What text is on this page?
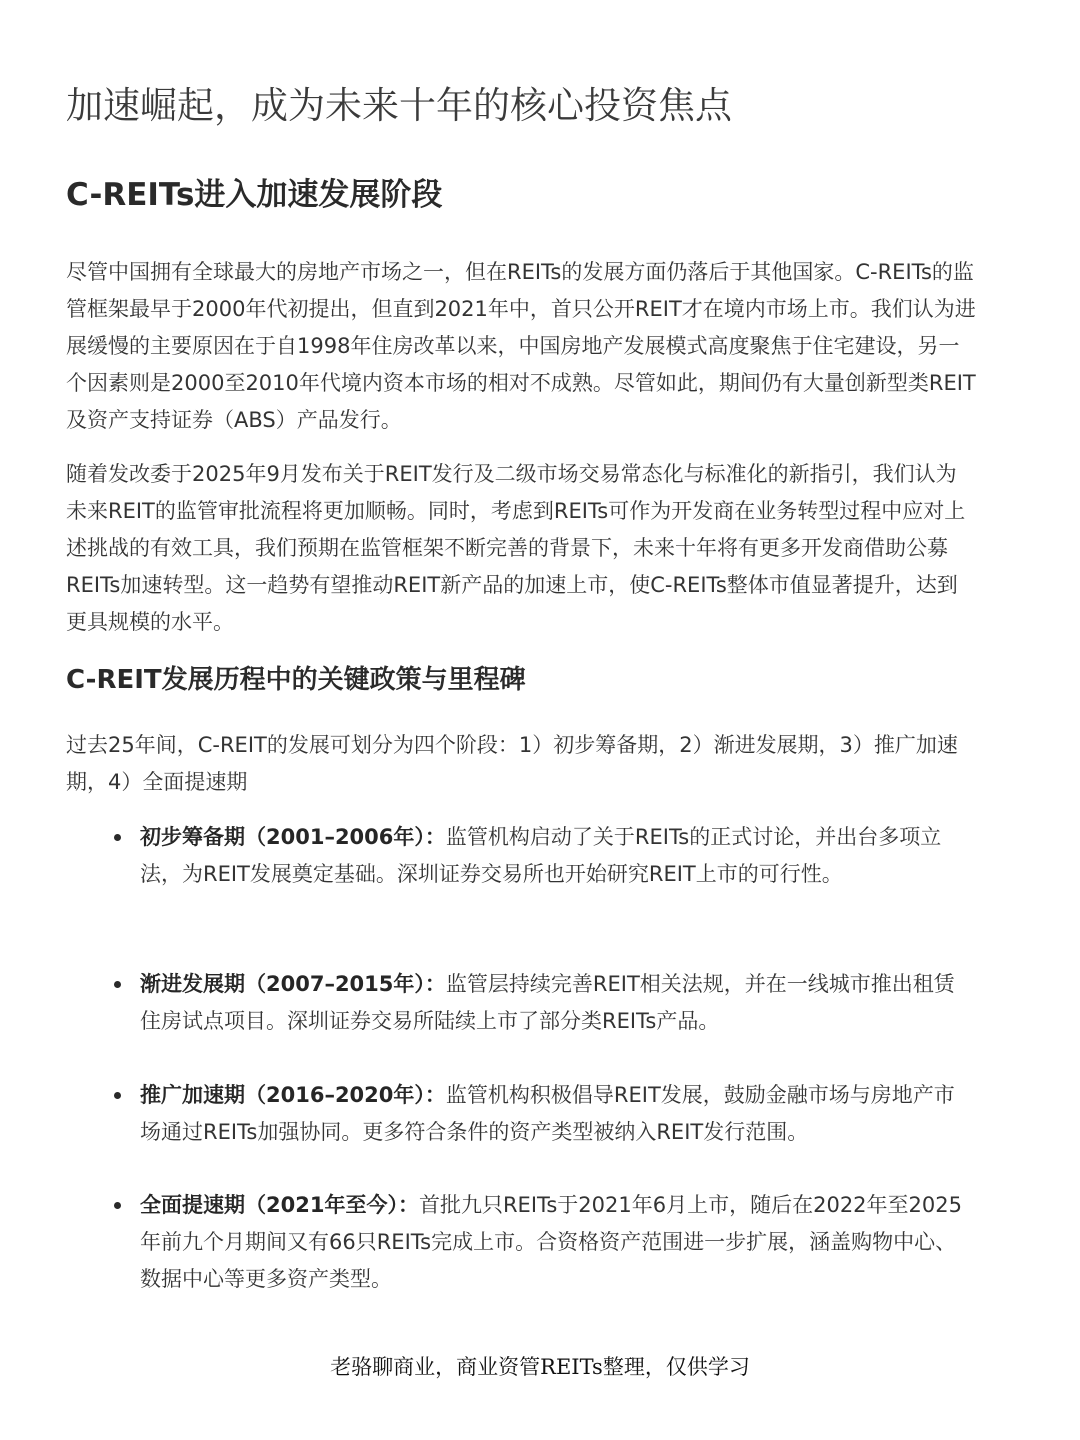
加速崛起，成为未来十年的核心投资焦点
C-REITs进入加速发展阶段

尽管中国拥有全球最大的房地产市场之一，但在REITs的发展方面仍落后于其他国家。C-REITs的监管框架最早于2000年代初提出，但直到2021年中，首只公开REIT才在境内市场上市。我们认为进展缓慢的主要原因在于自1998年住房改革以来，中国房地产发展模式高度聚焦于住宅建设，另一个因素则是2000至2010年代境内资本市场的相对不成熟。尽管如此，期间仍有大量创新型类REIT及资产支持证券（ABS）产品发行。

随着发改委于2025年9月发布关于REIT发行及二级市场交易常态化与标准化的新指引，我们认为未来REIT的监管审批流程将更加顺畅。同时，考虑到REITs可作为开发商在业务转型过程中应对上述挑战的有效工具，我们预期在监管框架不断完善的背景下，未来十年将有更多开发商借助公募REITs加速转型。这一趋势有望推动REIT新产品的加速上市，使C-REITs整体市值显著提升，达到更具规模的水平。

C-REIT发展历程中的关键政策与里程碑

过去25年间，C-REIT的发展可划分为四个阶段：1）初步筹备期，2）渐进发展期，3）推广加速期，4）全面提速期

初步筹备期（2001–2006年）：监管机构启动了关于REITs的正式讨论，并出台多项立法，为REIT发展奠定基础。深圳证券交易所也开始研究REIT上市的可行性。
渐进发展期（2007–2015年）：监管层持续完善REIT相关法规，并在一线城市推出租赁住房试点项目。深圳证券交易所陆续上市了部分类REITs产品。
推广加速期（2016–2020年）：监管机构积极倡导REIT发展，鼓励金融市场与房地产市场通过REITs加强协同。更多符合条件的资产类型被纳入REIT发行范围。
全面提速期（2021年至今）：首批九只REITs于2021年6月上市，随后在2022年至2025年前九个月期间又有66只REITs完成上市。合资格资产范围进一步扩展，涵盖购物中心、数据中心等更多资产类型。
老骆聊商业，商业资管REITs整理，仅供学习
